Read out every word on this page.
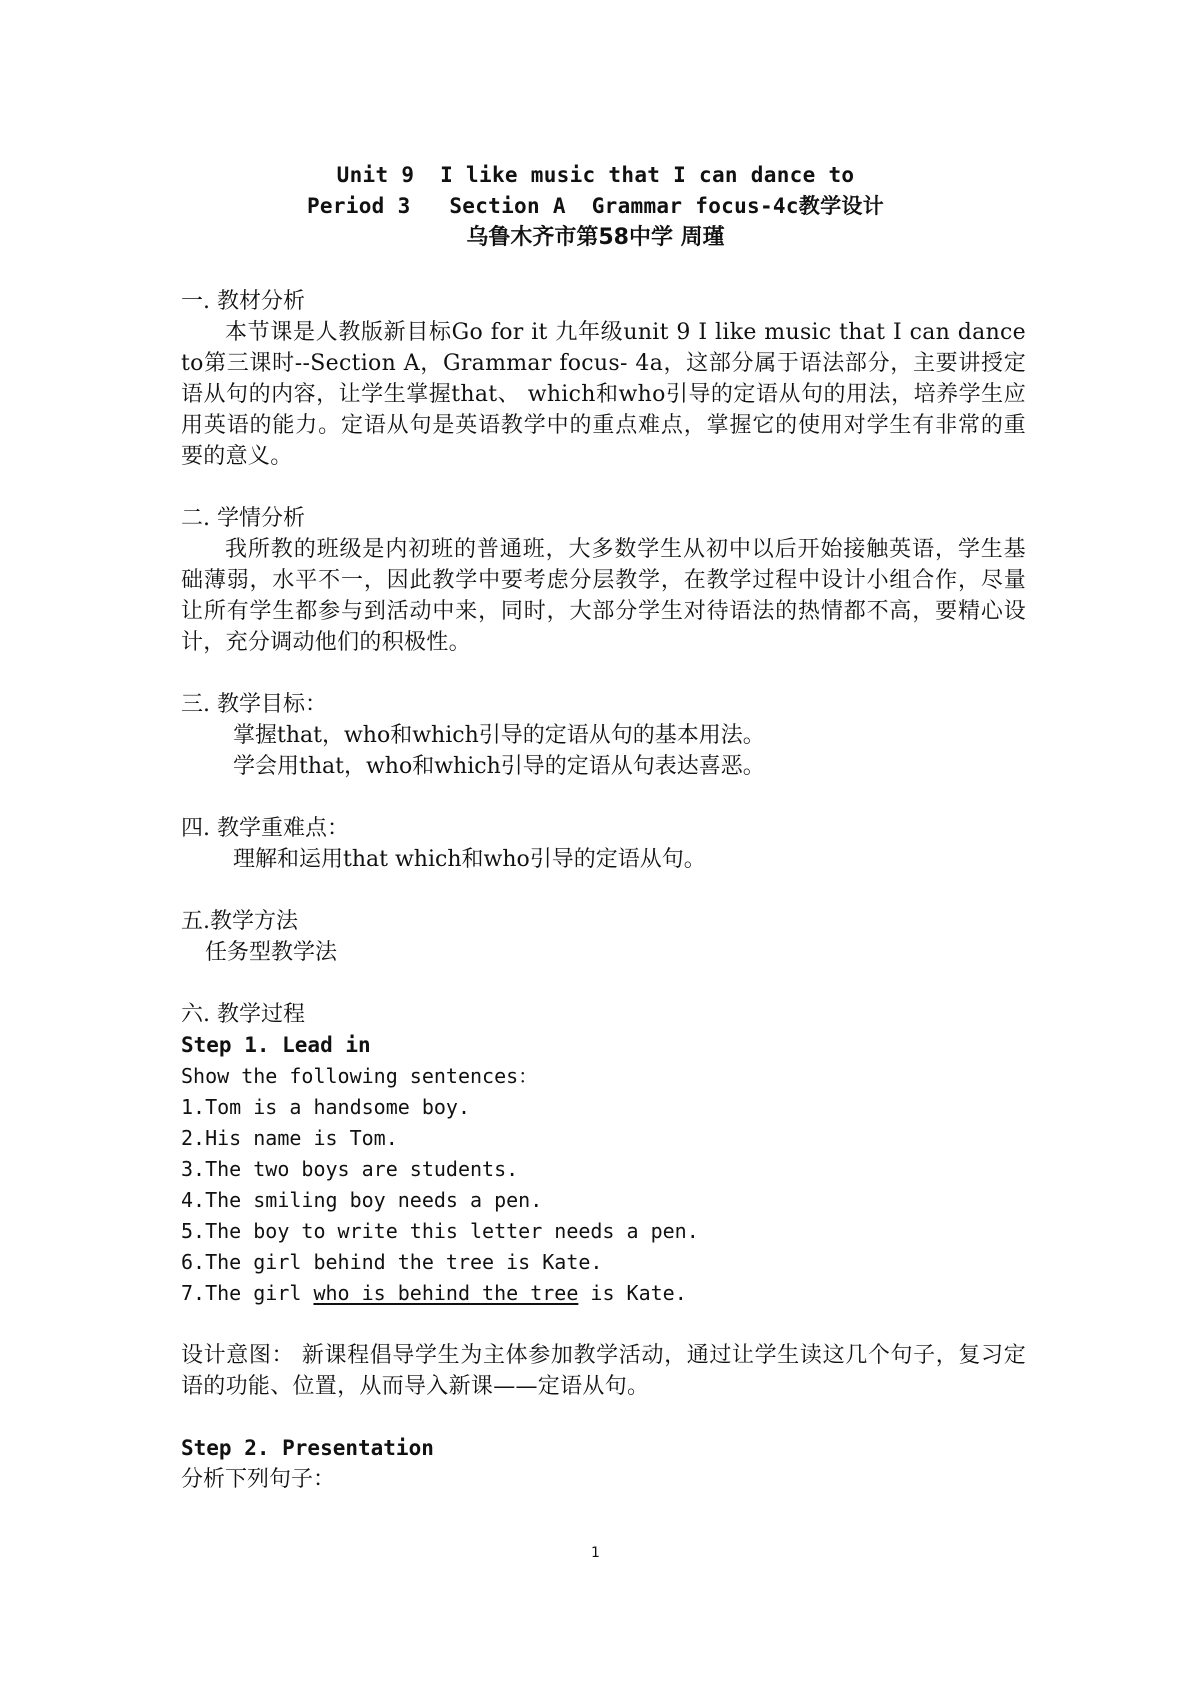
Unit 9  I like music that I can dance to
Period 3   Section A  Grammar focus-4c教学设计
乌鲁木齐市第58中学 周瑾
一. 教材分析
本节课是人教版新目标Go for it 九年级unit 9 I like music that I can dance to第三课时--Section A，Grammar focus- 4a，这部分属于语法部分，主要讲授定语从句的内容，让学生掌握that、 which和who引导的定语从句的用法，培养学生应用英语的能力。定语从句是英语教学中的重点难点，掌握它的使用对学生有非常的重要的意义。
二. 学情分析
我所教的班级是内初班的普通班，大多数学生从初中以后开始接触英语，学生基础薄弱，水平不一，因此教学中要考虑分层教学，在教学过程中设计小组合作，尽量让所有学生都参与到活动中来，同时，大部分学生对待语法的热情都不高，要精心设计，充分调动他们的积极性。
三. 教学目标：
掌握that，who和which引导的定语从句的基本用法。
学会用that，who和which引导的定语从句表达喜恶。
四. 教学重难点：
理解和运用that which和who引导的定语从句。
五.教学方法
任务型教学法
六. 教学过程
Step 1. Lead in
Show the following sentences：
1.Tom is a handsome boy.
2.His name is Tom.
3.The two boys are students.
4.The smiling boy needs a pen.
5.The boy to write this letter needs a pen.
6.The girl behind the tree is Kate.
7.The girl who is behind the tree is Kate.
设计意图： 新课程倡导学生为主体参加教学活动，通过让学生读这几个句子，复习定语的功能、位置，从而导入新课——定语从句。
Step 2. Presentation
分析下列句子：
1
